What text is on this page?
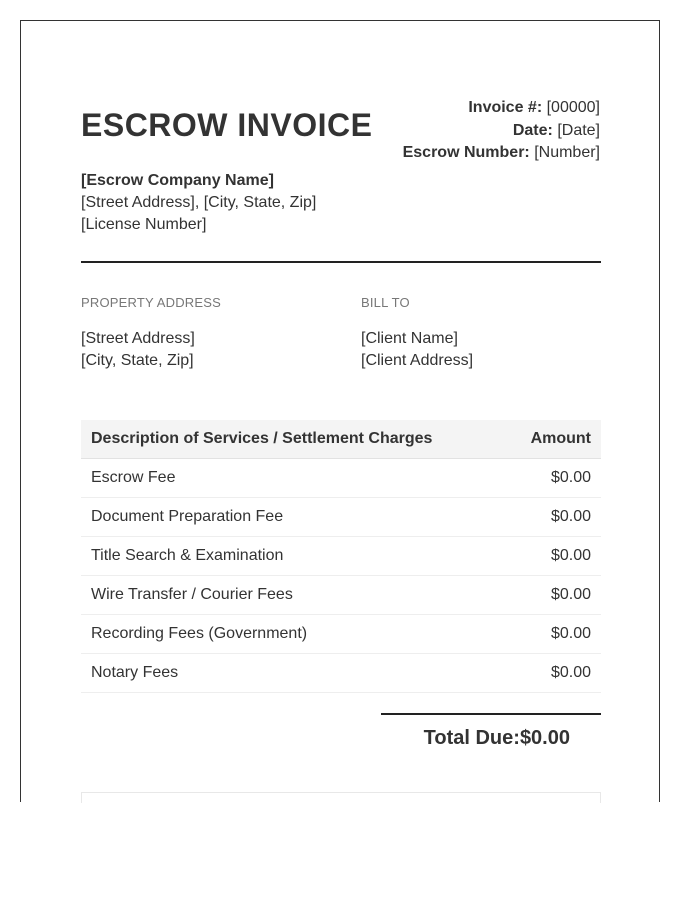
ESCROW INVOICE	Invoice #: [00000]
Date: [Date]
Escrow Number: [Number]
[Escrow Company Name]
[Street Address], [City, State, Zip]
[License Number]
PROPERTY ADDRESS
[Street Address]
[City, State, Zip]
BILL TO
[Client Name]
[Client Address]
Description of Services / Settlement Charges	Amount
Escrow Fee	$0.00
Document Preparation Fee	$0.00
Title Search & Examination	$0.00
Wire Transfer / Courier Fees	$0.00
Recording Fees (Government)	$0.00
Notary Fees	$0.00
Total Due:$0.00
